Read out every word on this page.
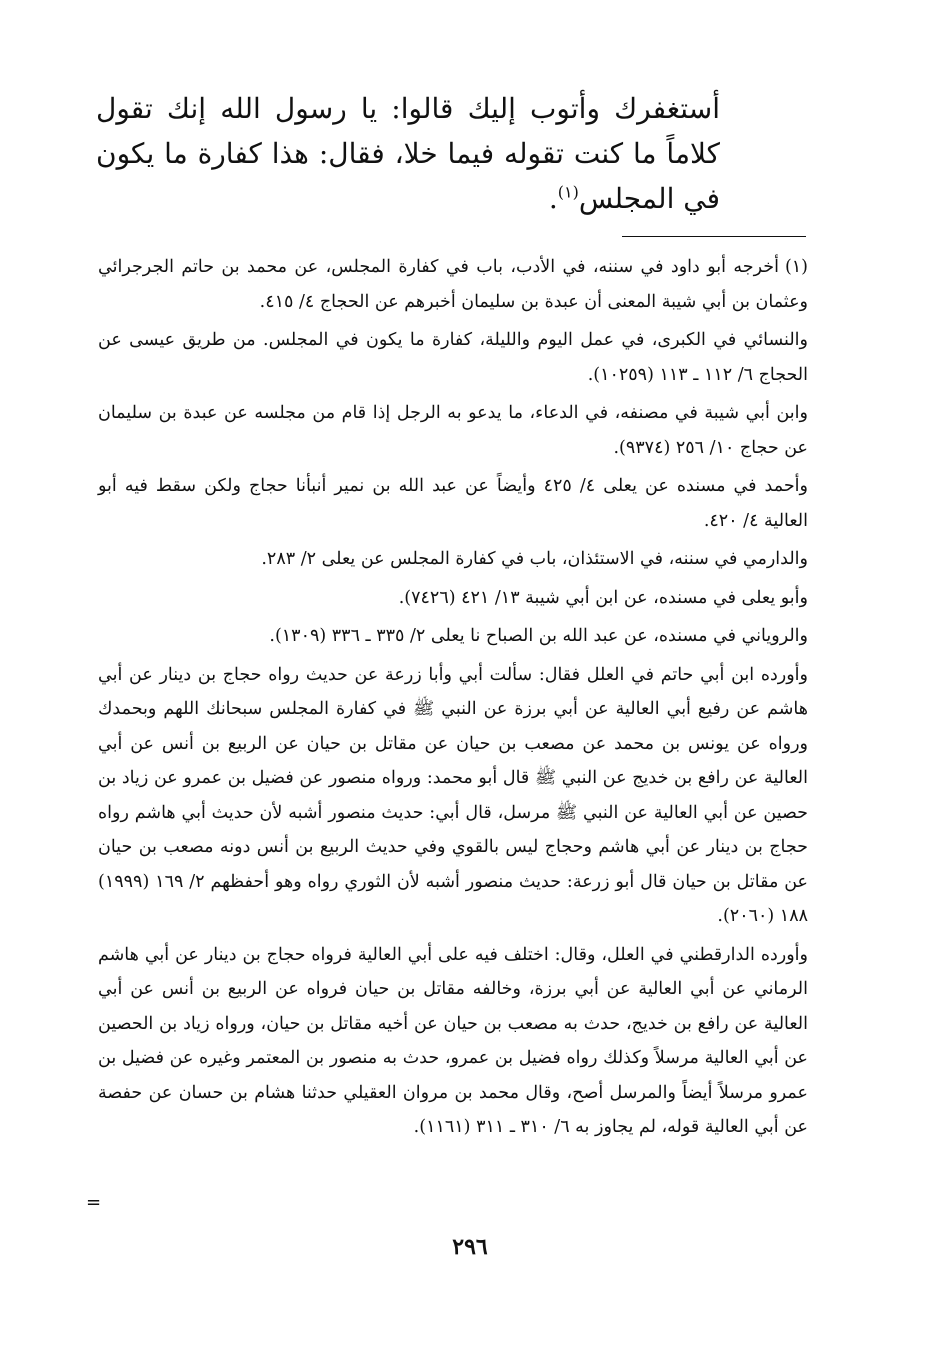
أستغفرك وأتوب إليك قالوا: يا رسول الله إنك تقول كلاماً ما كنت تقوله فيما خلا، فقال: هذا كفارة ما يكون في المجلس$^{(١)}$.

(١)أخرجه أبو داود في سننه، في الأدب، باب في كفارة المجلس، عن محمد بن حاتم الجرجرائي وعثمان بن أبي شيبة المعنى أن عبدة بن سليمان أخبرهم عن الحجاج ٤/ ٤١٥.

والنسائي في الكبرى، في عمل اليوم والليلة، كفارة ما يكون في المجلس. من طريق عيسى عن الحجاج ٦/ ١١٢ ـ ١١٣ (١٠٢٥٩).

وابن أبي شيبة في مصنفه، في الدعاء، ما يدعو به الرجل إذا قام من مجلسه عن عبدة بن سليمان عن حجاج ١٠/ ٢٥٦ (٩٣٧٤).

وأحمد في مسنده عن يعلى ٤/ ٤٢٥ وأيضاً عن عبد الله بن نمير أنبأنا حجاج ولكن سقط فيه أبو العالية ٤/ ٤٢٠.

والدارمي في سننه، في الاستئذان، باب في كفارة المجلس عن يعلى ٢/ ٢٨٣.

وأبو يعلى في مسنده، عن ابن أبي شيبة ١٣/ ٤٢١ (٧٤٢٦).

والروياني في مسنده، عن عبد الله بن الصباح نا يعلى ٢/ ٣٣٥ ـ ٣٣٦ (١٣٠٩).

وأورده ابن أبي حاتم في العلل فقال: سألت أبي وأبا زرعة عن حديث رواه حجاج بن دينار عن أبي هاشم عن رفيع أبي العالية عن أبي برزة عن النبي ﷺ في كفارة المجلس سبحانك اللهم وبحمدك ورواه عن يونس بن محمد عن مصعب بن حيان عن مقاتل بن حيان عن الربيع بن أنس عن أبي العالية عن رافع بن خديج عن النبي ﷺ قال أبو محمد: ورواه منصور عن فضيل بن عمرو عن زياد بن حصين عن أبي العالية عن النبي ﷺ مرسل، قال أبي: حديث منصور أشبه لأن حديث أبي هاشم رواه حجاج بن دينار عن أبي هاشم وحجاج ليس بالقوي وفي حديث الربيع بن أنس دونه مصعب بن حيان عن مقاتل بن حيان قال أبو زرعة: حديث منصور أشبه لأن الثوري رواه وهو أحفظهم ٢/ ١٦٩ (١٩٩٩) ١٨٨ (٢٠٦٠).

وأورده الدارقطني في العلل، وقال: اختلف فيه على أبي العالية فرواه حجاج بن دينار عن أبي هاشم الرماني عن أبي العالية عن أبي برزة، وخالفه مقاتل بن حيان فرواه عن الربيع بن أنس عن أبي العالية عن رافع بن خديج، حدث به مصعب بن حيان عن أخيه مقاتل بن حيان، ورواه زياد بن الحصين عن أبي العالية مرسلاً وكذلك رواه فضيل بن عمرو، حدث به منصور بن المعتمر وغيره عن فضيل بن عمرو مرسلاً أيضاً والمرسل أصح، وقال محمد بن مروان العقيلي حدثنا هشام بن حسان عن حفصة عن أبي العالية قوله، لم يجاوز به ٦/ ٣١٠ ـ ٣١١ (١١٦١).

=
٢٩٦
